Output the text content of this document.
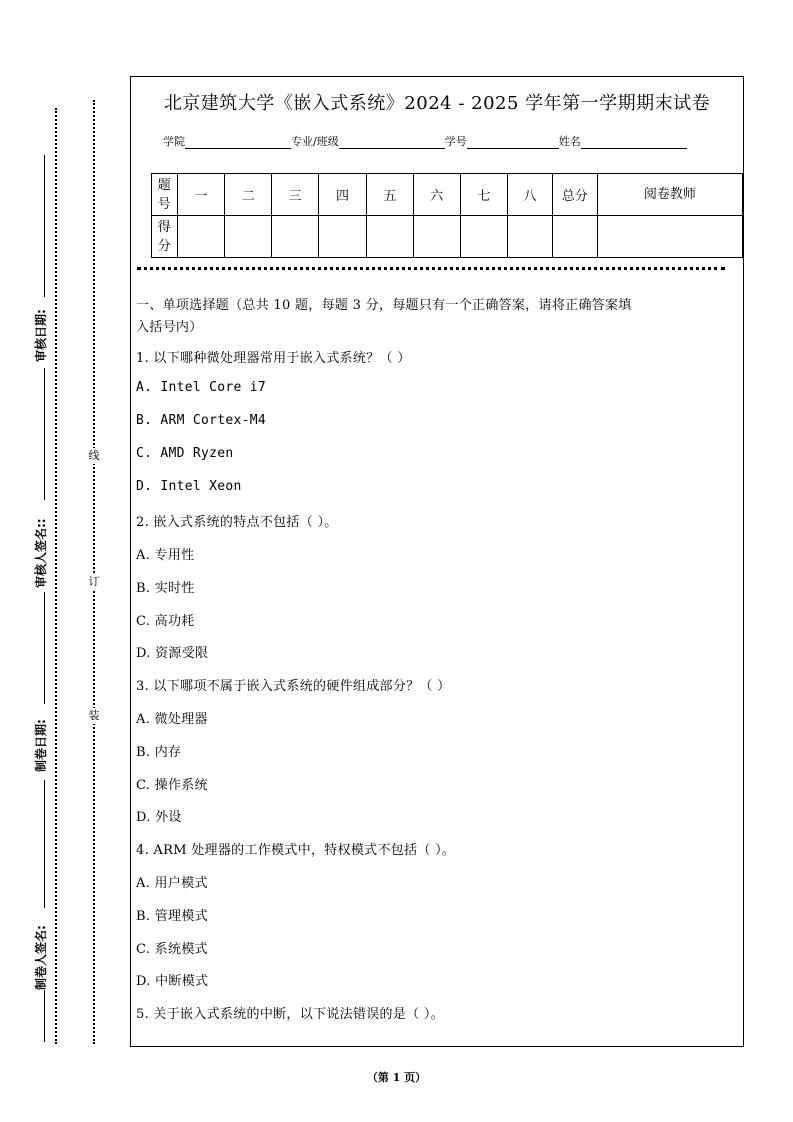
审核日期:
审核人签名::
制卷日期:
制卷人签名:
线
订
装
北京建筑大学《嵌入式系统》2024 - 2025 学年第一学期期末试卷
学院	专业/班级	学号	姓名
题号	一	二	三	四	五	六	七	八	总分	阅卷教师
得分										
一、单项选择题（总共 10 题，每题 3 分，每题只有一个正确答案，请将正确答案填
入括号内）
1. 以下哪种微处理器常用于嵌入式系统？（ ）
A. Intel Core i7
B. ARM Cortex-M4
C. AMD Ryzen
D. Intel Xeon
2. 嵌入式系统的特点不包括（ ）。
A. 专用性
B. 实时性
C. 高功耗
D. 资源受限
3. 以下哪项不属于嵌入式系统的硬件组成部分？（ ）
A. 微处理器
B. 内存
C. 操作系统
D. 外设
4. ARM 处理器的工作模式中，特权模式不包括（ ）。
A. 用户模式
B. 管理模式
C. 系统模式
D. 中断模式
5. 关于嵌入式系统的中断，以下说法错误的是（ ）。
（第 1 页）
